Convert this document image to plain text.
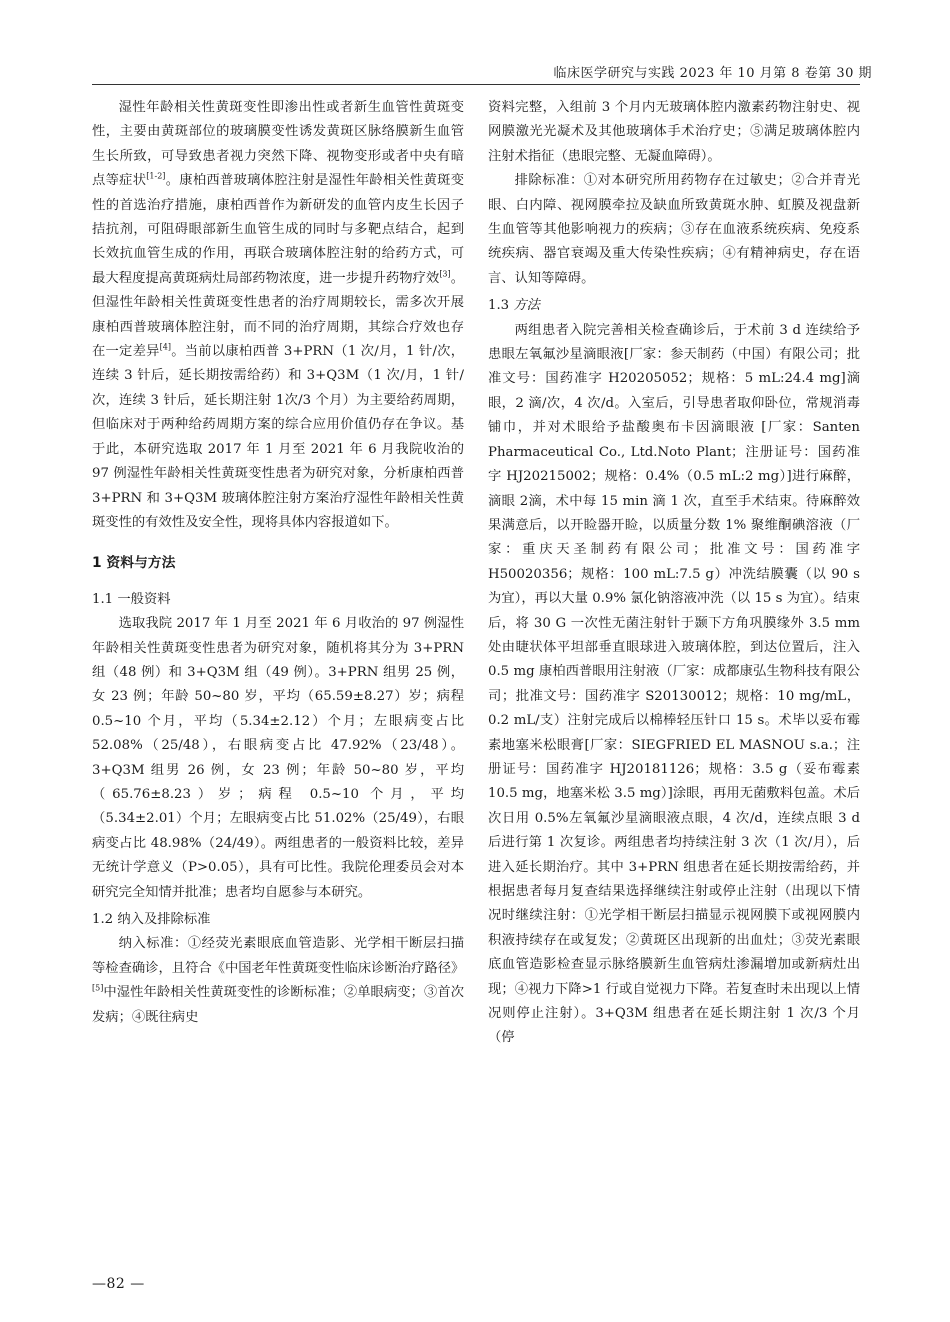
临床医学研究与实践 2023 年 10 月第 8 卷第 30 期

湿性年龄相关性黄斑变性即渗出性或者新生血管性黄斑变性，主要由黄斑部位的玻璃膜变性诱发黄斑区脉络膜新生血管生长所致，可导致患者视力突然下降、视物变形或者中央有暗点等症状[1-2]。康柏西普玻璃体腔注射是湿性年龄相关性黄斑变性的首选治疗措施，康柏西普作为新研发的血管内皮生长因子拮抗剂，可阻碍眼部新生血管生成的同时与多靶点结合，起到长效抗血管生成的作用，再联合玻璃体腔注射的给药方式，可最大程度提高黄斑病灶局部药物浓度，进一步提升药物疗效[3]。但湿性年龄相关性黄斑变性患者的治疗周期较长，需多次开展康柏西普玻璃体腔注射，而不同的治疗周期，其综合疗效也存在一定差异[4]。当前以康柏西普 3+PRN（1 次/月，1 针/次，连续 3 针后，延长期按需给药）和 3+Q3M（1 次/月，1 针/次，连续 3 针后，延长期注射 1次/3 个月）为主要给药周期，但临床对于两种给药周期方案的综合应用价值仍存在争议。基于此，本研究选取 2017 年 1 月至 2021 年 6 月我院收治的 97 例湿性年龄相关性黄斑变性患者为研究对象，分析康柏西普 3+PRN 和 3+Q3M 玻璃体腔注射方案治疗湿性年龄相关性黄斑变性的有效性及安全性，现将具体内容报道如下。

1 资料与方法
1.1 一般资料

选取我院 2017 年 1 月至 2021 年 6 月收治的 97 例湿性年龄相关性黄斑变性患者为研究对象，随机将其分为 3+PRN 组（48 例）和 3+Q3M 组（49 例）。3+PRN 组男 25 例，女 23 例；年龄 50~80 岁，平均（65.59±8.27）岁；病程 0.5~10 个月，平均（5.34±2.12）个月；左眼病变占比 52.08%（25/48），右眼病变占比 47.92%（23/48）。3+Q3M 组男 26 例，女 23 例；年龄 50~80 岁，平均（65.76±8.23）岁；病程 0.5~10 个月，平均（5.34±2.01）个月；左眼病变占比 51.02%（25/49），右眼病变占比 48.98%（24/49）。两组患者的一般资料比较，差异无统计学意义（P>0.05），具有可比性。我院伦理委员会对本研究完全知情并批准；患者均自愿参与本研究。

1.2 纳入及排除标准

纳入标准：①经荧光素眼底血管造影、光学相干断层扫描等检查确诊，且符合《中国老年性黄斑变性临床诊断治疗路径》[5]中湿性年龄相关性黄斑变性的诊断标准；②单眼病变；③首次发病；④既往病史

资料完整，入组前 3 个月内无玻璃体腔内激素药物注射史、视网膜激光光凝术及其他玻璃体手术治疗史；⑤满足玻璃体腔内注射术指征（患眼完整、无凝血障碍）。

排除标准：①对本研究所用药物存在过敏史；②合并青光眼、白内障、视网膜牵拉及缺血所致黄斑水肿、虹膜及视盘新生血管等其他影响视力的疾病；③存在血液系统疾病、免疫系统疾病、器官衰竭及重大传染性疾病；④有精神病史，存在语言、认知等障碍。

1.3 方法

两组患者入院完善相关检查确诊后，于术前 3 d 连续给予患眼左氧氟沙星滴眼液[厂家：参天制药（中国）有限公司；批准文号：国药准字 H20205052；规格：5 mL:24.4 mg]滴眼，2 滴/次，4 次/d。入室后，引导患者取仰卧位，常规消毒铺巾，并对术眼给予盐酸奥布卡因滴眼液 [厂家：Santen Pharmaceutical Co., Ltd.Noto Plant；注册证号：国药准字 HJ20215002；规格：0.4%（0.5 mL:2 mg）]进行麻醉，滴眼 2滴，术中每 15 min 滴 1 次，直至手术结束。待麻醉效果满意后，以开睑器开睑，以质量分数 1% 聚维酮碘溶液（厂家：重庆天圣制药有限公司；批准文号：国药准字 H50020356；规格：100 mL:7.5 g）冲洗结膜囊（以 90 s 为宜），再以大量 0.9% 氯化钠溶液冲洗（以 15 s 为宜）。结束后，将 30 G 一次性无菌注射针于颞下方角巩膜缘外 3.5 mm 处由睫状体平坦部垂直眼球进入玻璃体腔，到达位置后，注入 0.5 mg 康柏西普眼用注射液（厂家：成都康弘生物科技有限公司；批准文号：国药准字 S20130012；规格：10 mg/mL，0.2 mL/支）注射完成后以棉棒轻压针口 15 s。术毕以妥布霉素地塞米松眼膏[厂家：SIEGFRIED EL MASNOU s.a.；注册证号：国药准字 HJ20181126；规格：3.5 g（妥布霉素 10.5 mg，地塞米松 3.5 mg）]涂眼，再用无菌敷料包盖。术后次日用 0.5%左氧氟沙星滴眼液点眼，4 次/d，连续点眼 3 d 后进行第 1 次复诊。两组患者均持续注射 3 次（1 次/月），后进入延长期治疗。其中 3+PRN 组患者在延长期按需给药，并根据患者每月复查结果选择继续注射或停止注射（出现以下情况时继续注射：①光学相干断层扫描显示视网膜下或视网膜内积液持续存在或复发；②黄斑区出现新的出血灶；③荧光素眼底血管造影检查显示脉络膜新生血管病灶渗漏增加或新病灶出现；④视力下降>1 行或自觉视力下降。若复查时未出现以上情况则停止注射）。3+Q3M 组患者在延长期注射 1 次/3 个月（停

—82 —
